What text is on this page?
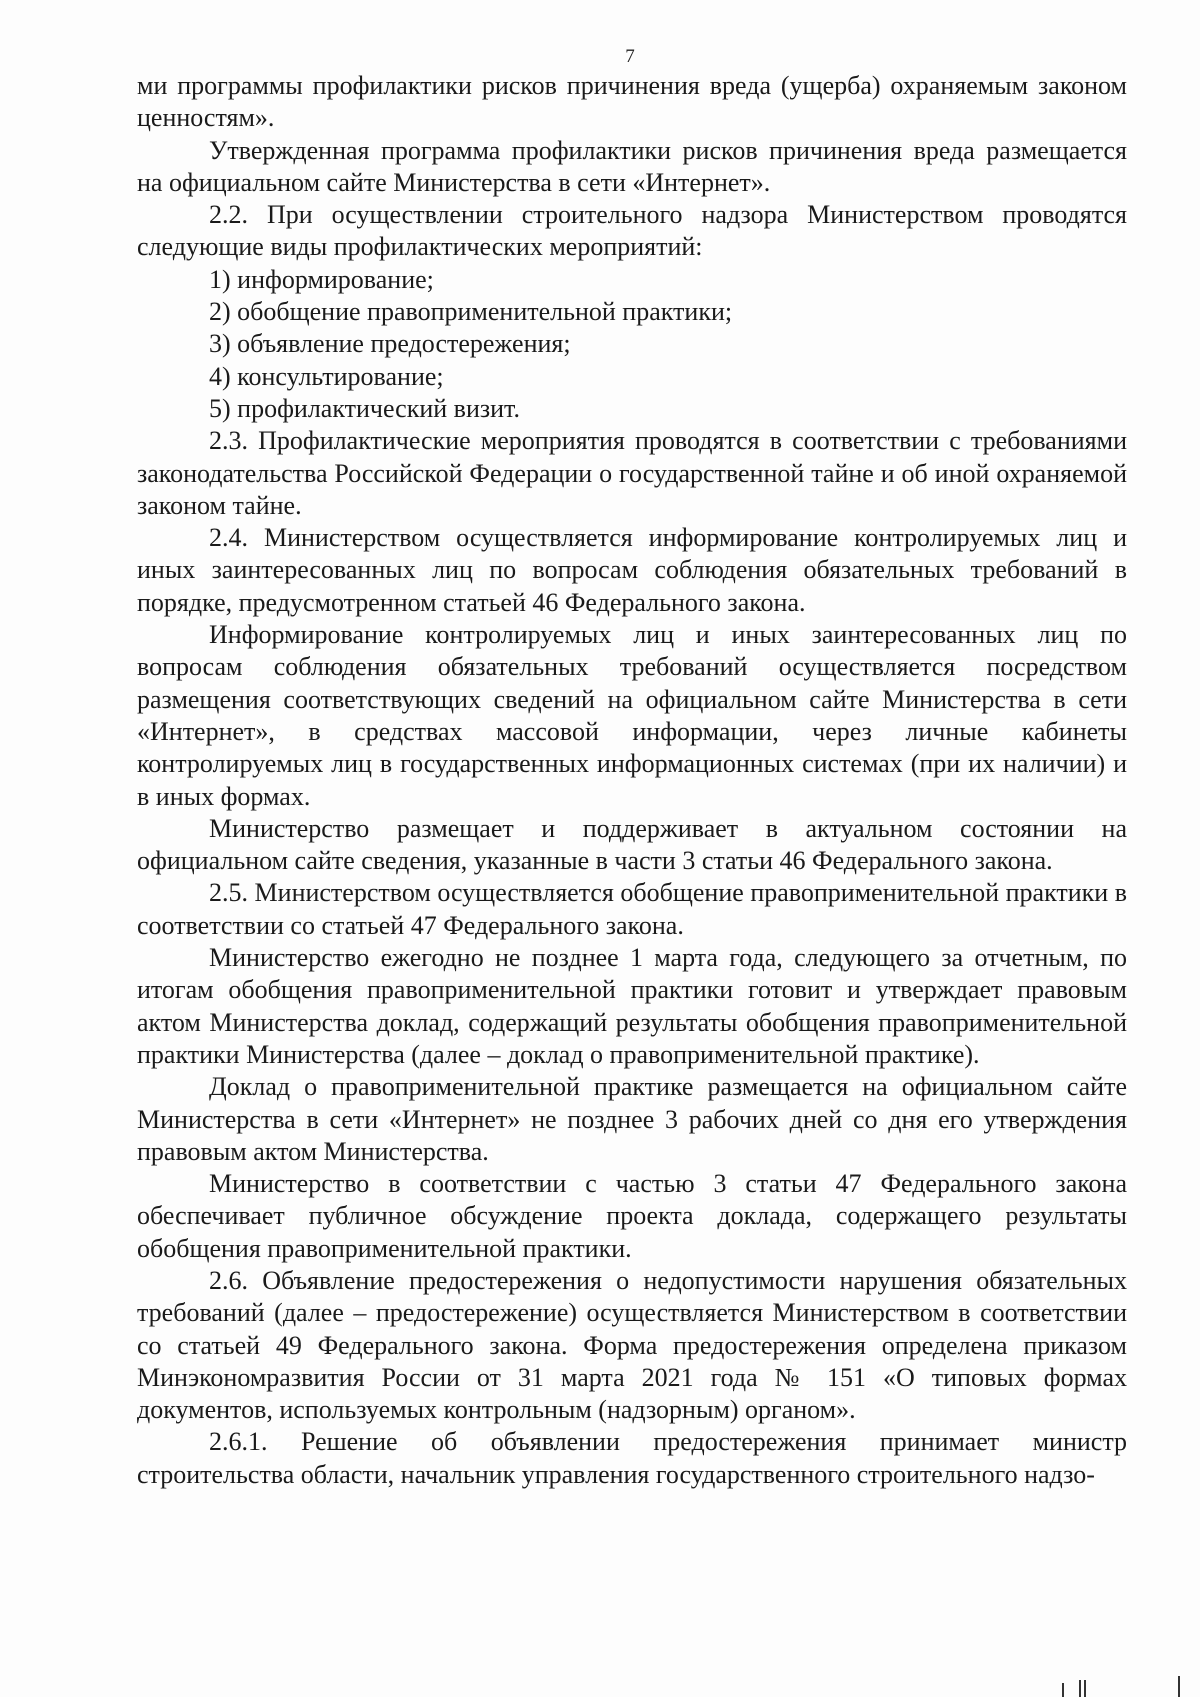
7

ми программы профилактики рисков причинения вреда (ущерба) охраняемым законом ценностям».

Утвержденная программа профилактики рисков причинения вреда размещается на официальном сайте Министерства в сети «Интернет».

2.2. При осуществлении строительного надзора Министерством проводятся следующие виды профилактических мероприятий:

1) информирование;

2) обобщение правоприменительной практики;

3) объявление предостережения;

4) консультирование;

5) профилактический визит.

2.3. Профилактические мероприятия проводятся в соответствии с требованиями законодательства Российской Федерации о государственной тайне и об иной охраняемой законом тайне.

2.4. Министерством осуществляется информирование контролируемых лиц и иных заинтересованных лиц по вопросам соблюдения обязательных требований в порядке, предусмотренном статьей 46 Федерального закона.

Информирование контролируемых лиц и иных заинтересованных лиц по вопросам соблюдения обязательных требований осуществляется посредством размещения соответствующих сведений на официальном сайте Министерства в сети «Интернет», в средствах массовой информации, через личные кабинеты контролируемых лиц в государственных информационных системах (при их наличии) и в иных формах.

Министерство размещает и поддерживает в актуальном состоянии на официальном сайте сведения, указанные в части 3 статьи 46 Федерального закона.

2.5. Министерством осуществляется обобщение правоприменительной практики в соответствии со статьей 47 Федерального закона.

Министерство ежегодно не позднее 1 марта года, следующего за отчетным, по итогам обобщения правоприменительной практики готовит и утверждает правовым актом Министерства доклад, содержащий результаты обобщения правоприменительной практики Министерства (далее – доклад о правоприменительной практике).

Доклад о правоприменительной практике размещается на официальном сайте Министерства в сети «Интернет» не позднее 3 рабочих дней со дня его утверждения правовым актом Министерства.

Министерство в соответствии с частью 3 статьи 47 Федерального закона обеспечивает публичное обсуждение проекта доклада, содержащего результаты обобщения правоприменительной практики.

2.6. Объявление предостережения о недопустимости нарушения обязательных требований (далее – предостережение) осуществляется Министерством в соответствии со статьей 49 Федерального закона. Форма предостережения определена приказом Минэкономразвития России от 31 марта 2021 года № 151 «О типовых формах документов, используемых контрольным (надзорным) органом».

2.6.1. Решение об объявлении предостережения принимает министр строительства области, начальник управления государственного строительного надзо-
